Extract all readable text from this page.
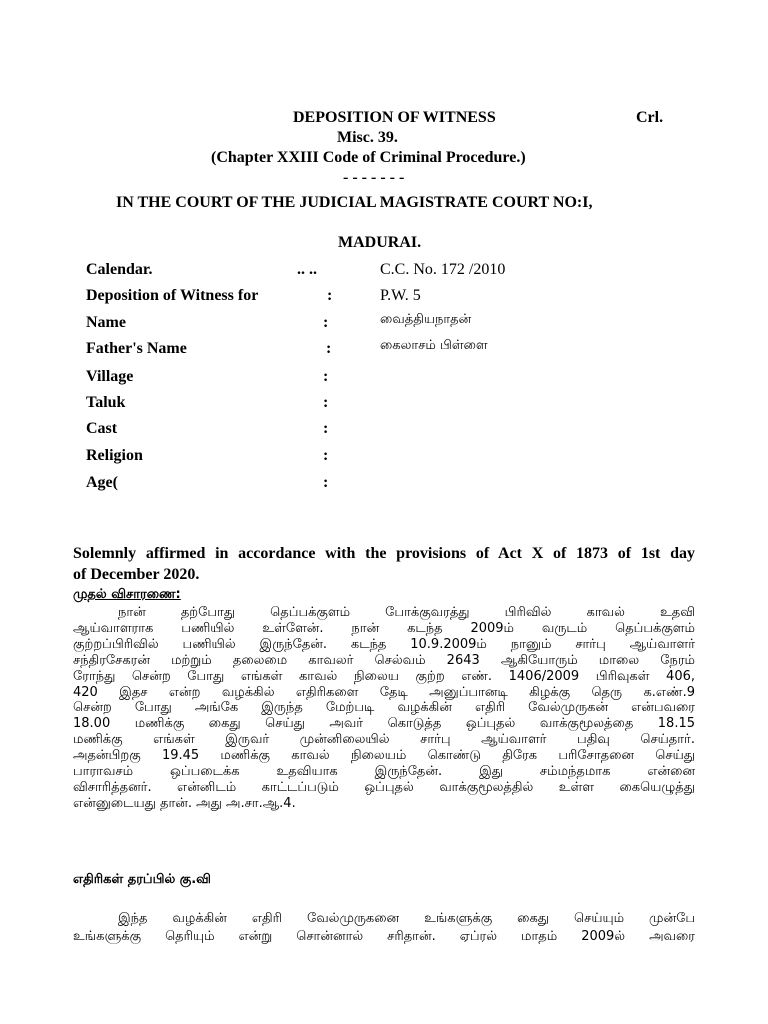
DEPOSITION OF WITNESS	Crl.
Misc. 39.
(Chapter XXIII Code of Criminal Procedure.)
- - - - - - -
IN THE COURT OF THE JUDICIAL MAGISTRATE COURT NO:I,
MADURAI.
Calendar.	.. ..	C.C. No. 172 /2010
Deposition of Witness for	:	P.W. 5
Name	:	வைத்தியநாதன்
Father's Name	:	கைலாசம் பிள்ளை
Village	:
Taluk	:
Cast	:
Religion	:
Age(	:
Solemnly affirmed in accordance with the provisions of Act X of 1873 of 1st day
of December 2020.
முதல் விசாரணை:
நான் தற்போது தெப்பக்குளம் போக்குவரத்து பிரிவில் காவல் உதவி
ஆய்வாளராக பணியில் உள்ளேன். நான் கடந்த 2009ம் வருடம் தெப்பக்குளம்
குற்றப்பிரிவில் பணியில் இருந்தேன். கடந்த 10.9.2009ம் நானும் சார்பு ஆய்வாளர்
சந்திரசேகரன் மற்றும் தலைமை காவலர் செல்வம் 2643 ஆகியோரும் மாலை நேரம்
ரோந்து சென்ற போது எங்கள் காவல் நிலைய குற்ற எண். 1406/2009 பிரிவுகள் 406,
420 இதச என்ற வழக்கில் எதிரிகளை தேடி அனுப்பானடி கிழக்கு தெரு க.எண்.9
சென்ற போது அங்கே இருந்த மேற்படி வழக்கின் எதிரி வேல்முருகன் என்பவரை
18.00 மணிக்கு கைது செய்து அவர் கொடுத்த ஒப்புதல் வாக்குமூலத்தை 18.15
மணிக்கு எங்கள் இருவர் முன்னிலையில் சார்பு ஆய்வாளர் பதிவு செய்தார்.
அதன்பிறகு 19.45 மணிக்கு காவல் நிலையம் கொண்டு திரேக பரிசோதனை செய்து
பாராவசம் ஒப்படைக்க உதவியாக இருந்தேன். இது சம்மந்தமாக என்னை
விசாரித்தனர். என்னிடம் காட்டப்படும் ஒப்புதல் வாக்குமூலத்தில் உள்ள கையெழுத்து
என்னுடையது தான். அது அ.சா.ஆ.4.
எதிரிகள் தரப்பில் கு.வி
இந்த வழக்கின் எதிரி வேல்முருகனை உங்களுக்கு கைது செய்யும் முன்பே
உங்களுக்கு தெரியும் என்று சொன்னால் சரிதான். ஏப்ரல் மாதம் 2009ல் அவரை
